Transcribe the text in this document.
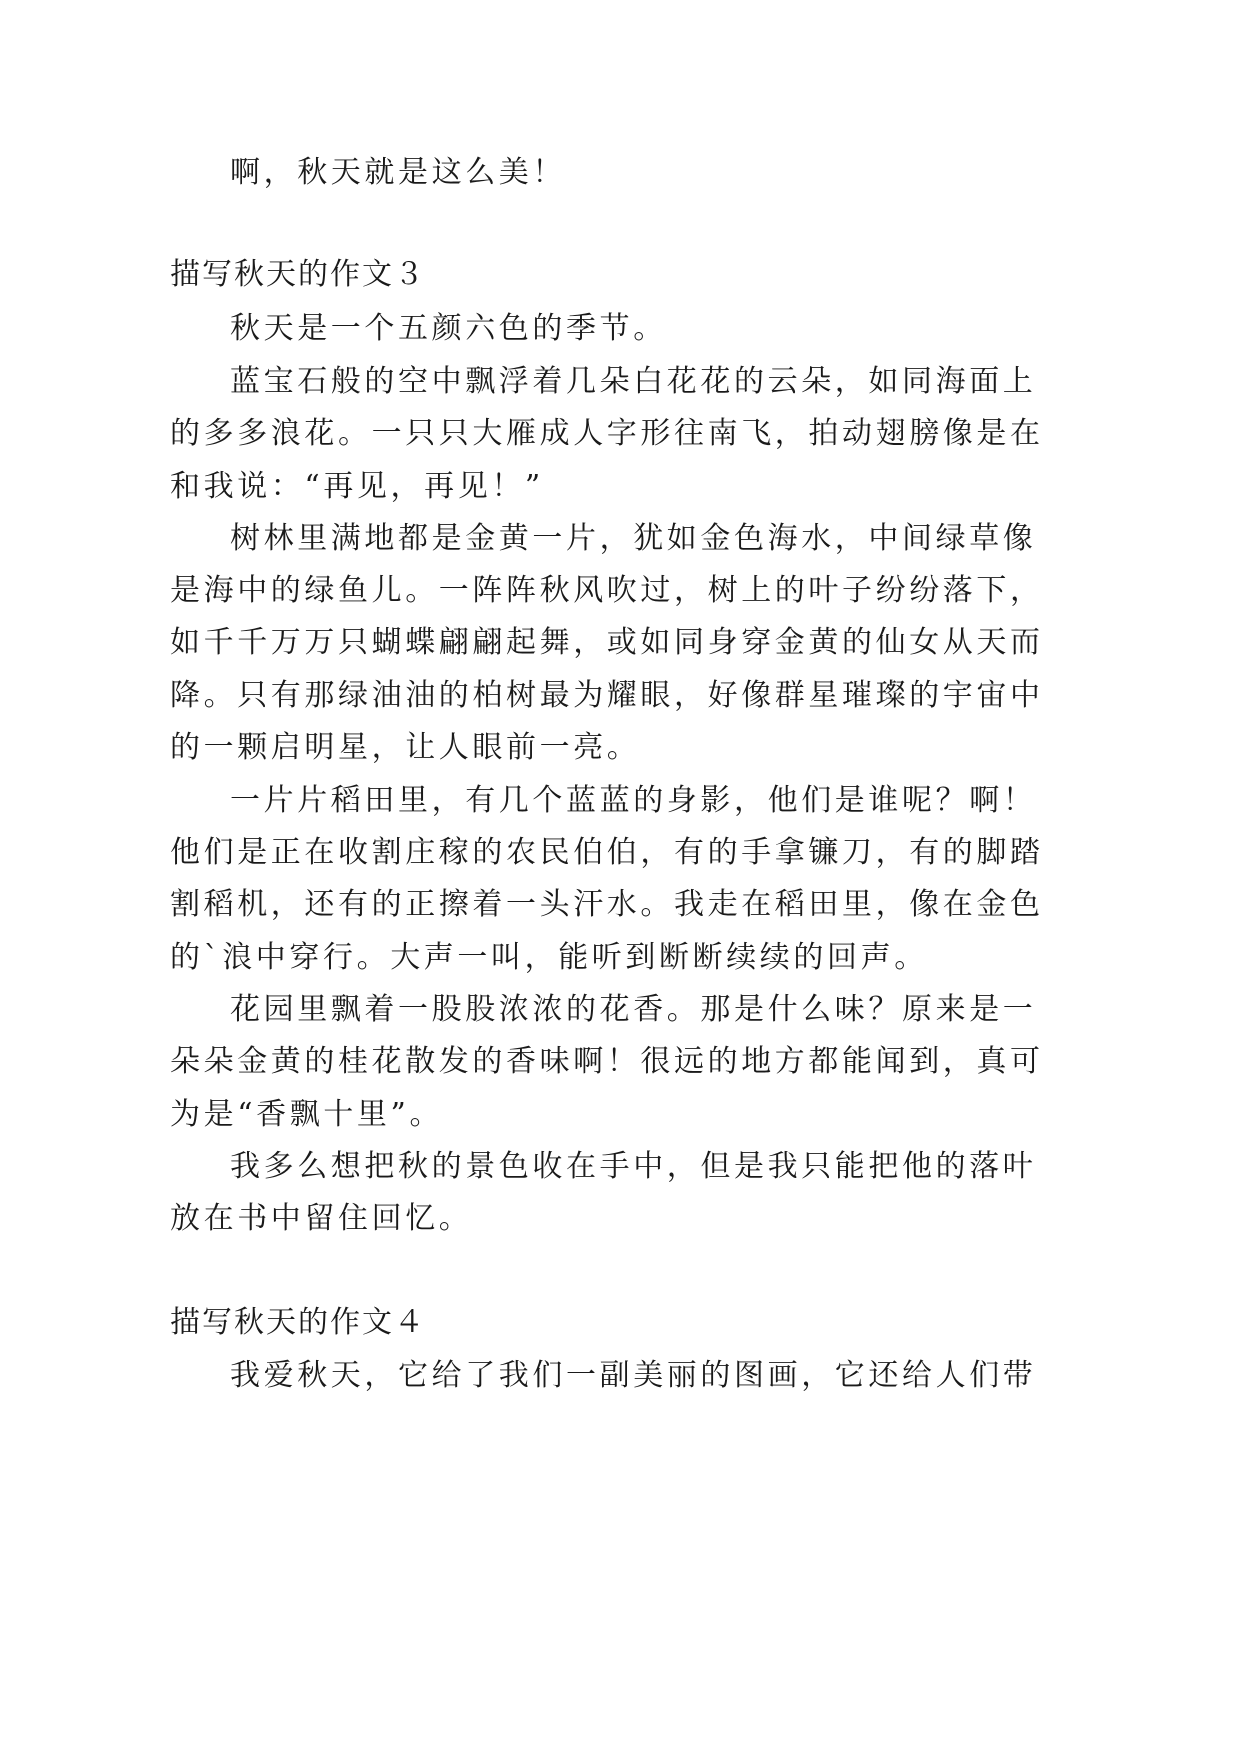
啊，秋天就是这么美！
描写秋天的作文３
秋天是一个五颜六色的季节。
蓝宝石般的空中飘浮着几朵白花花的云朵，如同海面上
的多多浪花。一只只大雁成人字形往南飞，拍动翅膀像是在
和我说：“再见，再见！”
树林里满地都是金黄一片，犹如金色海水，中间绿草像
是海中的绿鱼儿。一阵阵秋风吹过，树上的叶子纷纷落下，
如千千万万只蝴蝶翩翩起舞，或如同身穿金黄的仙女从天而
降。只有那绿油油的柏树最为耀眼，好像群星璀璨的宇宙中
的一颗启明星，让人眼前一亮。
一片片稻田里，有几个蓝蓝的身影，他们是谁呢？啊！
他们是正在收割庄稼的农民伯伯，有的手拿镰刀，有的脚踏
割稻机，还有的正擦着一头汗水。我走在稻田里，像在金色
的`浪中穿行。大声一叫，能听到断断续续的回声。
花园里飘着一股股浓浓的花香。那是什么味？原来是一
朵朵金黄的桂花散发的香味啊！很远的地方都能闻到，真可
为是“香飘十里”。
我多么想把秋的景色收在手中，但是我只能把他的落叶
放在书中留住回忆。
描写秋天的作文４
我爱秋天，它给了我们一副美丽的图画，它还给人们带
